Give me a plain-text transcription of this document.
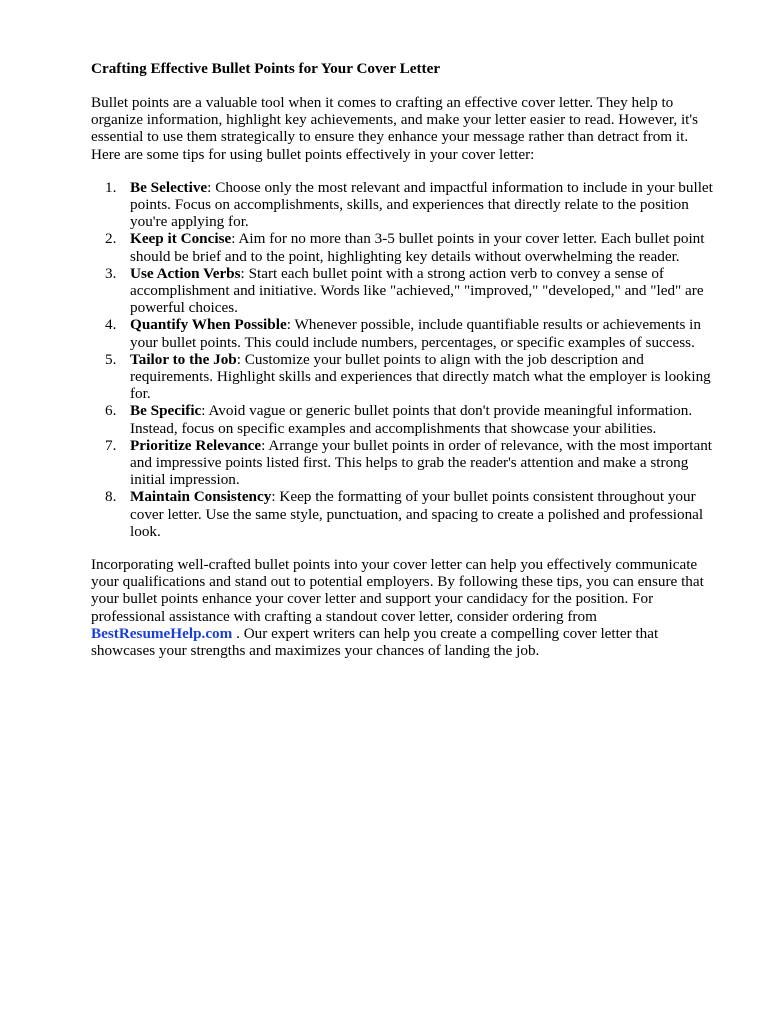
Crafting Effective Bullet Points for Your Cover Letter

Bullet points are a valuable tool when it comes to crafting an effective cover letter. They help to organize information, highlight key achievements, and make your letter easier to read. However, it's essential to use them strategically to ensure they enhance your message rather than detract from it. Here are some tips for using bullet points effectively in your cover letter:

1. Be Selective: Choose only the most relevant and impactful information to include in your bullet points. Focus on accomplishments, skills, and experiences that directly relate to the position you're applying for.
2. Keep it Concise: Aim for no more than 3-5 bullet points in your cover letter. Each bullet point should be brief and to the point, highlighting key details without overwhelming the reader.
3. Use Action Verbs: Start each bullet point with a strong action verb to convey a sense of accomplishment and initiative. Words like "achieved," "improved," "developed," and "led" are powerful choices.
4. Quantify When Possible: Whenever possible, include quantifiable results or achievements in your bullet points. This could include numbers, percentages, or specific examples of success.
5. Tailor to the Job: Customize your bullet points to align with the job description and requirements. Highlight skills and experiences that directly match what the employer is looking for.
6. Be Specific: Avoid vague or generic bullet points that don't provide meaningful information. Instead, focus on specific examples and accomplishments that showcase your abilities.
7. Prioritize Relevance: Arrange your bullet points in order of relevance, with the most important and impressive points listed first. This helps to grab the reader's attention and make a strong initial impression.
8. Maintain Consistency: Keep the formatting of your bullet points consistent throughout your cover letter. Use the same style, punctuation, and spacing to create a polished and professional look.

Incorporating well-crafted bullet points into your cover letter can help you effectively communicate your qualifications and stand out to potential employers. By following these tips, you can ensure that your bullet points enhance your cover letter and support your candidacy for the position. For professional assistance with crafting a standout cover letter, consider ordering from BestResumeHelp.com . Our expert writers can help you create a compelling cover letter that showcases your strengths and maximizes your chances of landing the job.
